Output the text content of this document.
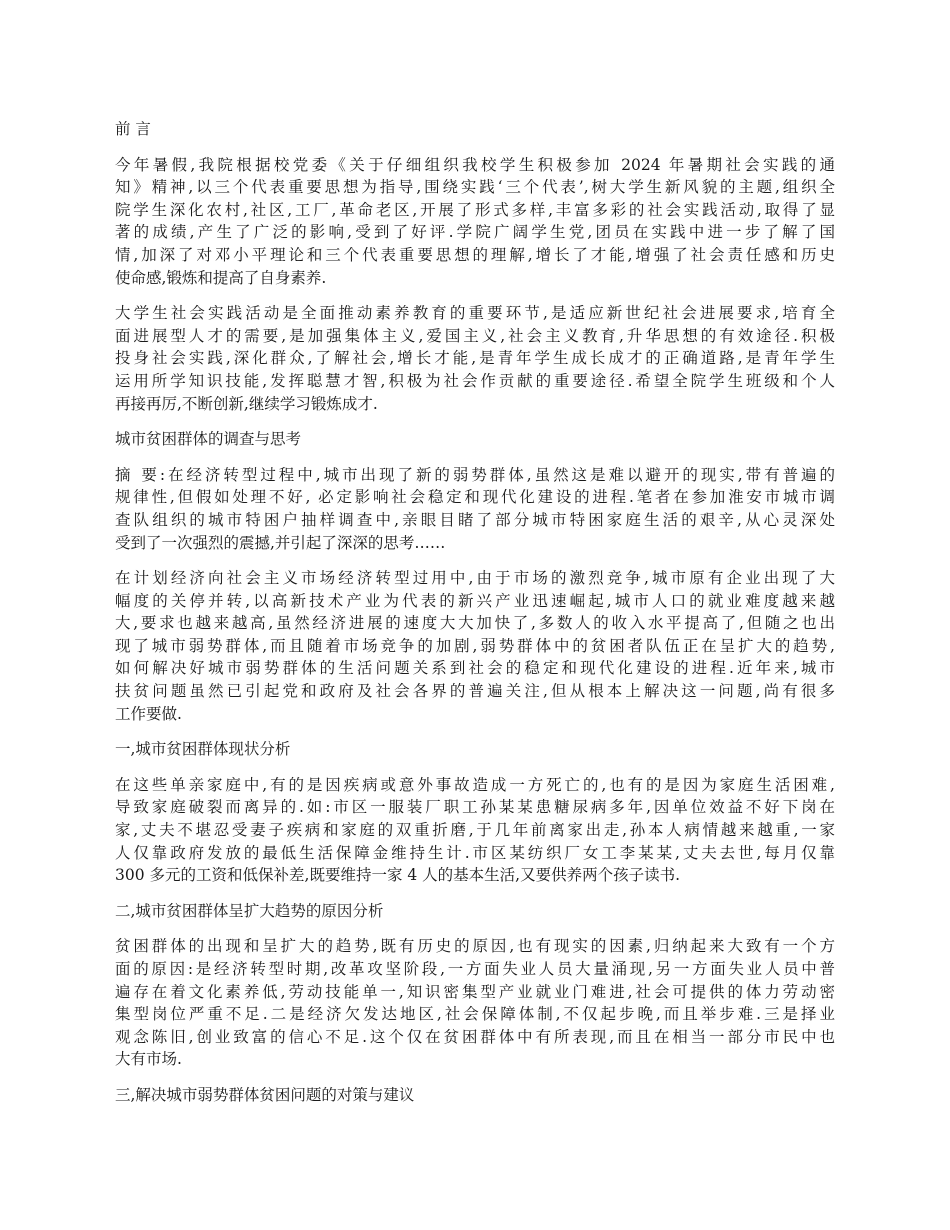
前 言
今年暑假,我院根据校党委《关于仔细组织我校学生积极参加 2024 年暑期社会实践的通
知》精神,以三个代表重要思想为指导,围绕实践‘三个代表’,树大学生新风貌的主题,组织全
院学生深化农村,社区,工厂,革命老区,开展了形式多样,丰富多彩的社会实践活动,取得了显
著的成绩,产生了广泛的影响,受到了好评.学院广阔学生党,团员在实践中进一步了解了国
情,加深了对邓小平理论和三个代表重要思想的理解,增长了才能,增强了社会责任感和历史
使命感,锻炼和提高了自身素养.
大学生社会实践活动是全面推动素养教育的重要环节,是适应新世纪社会进展要求,培育全
面进展型人才的需要,是加强集体主义,爱国主义,社会主义教育,升华思想的有效途径.积极
投身社会实践,深化群众,了解社会,增长才能,是青年学生成长成才的正确道路,是青年学生
运用所学知识技能,发挥聪慧才智,积极为社会作贡献的重要途径.希望全院学生班级和个人
再接再厉,不断创新,继续学习锻炼成才.
城市贫困群体的调查与思考
摘 要:在经济转型过程中,城市出现了新的弱势群体,虽然这是难以避开的现实,带有普遍的
规律性,但假如处理不好, 必定影响社会稳定和现代化建设的进程.笔者在参加淮安市城市调
查队组织的城市特困户抽样调查中,亲眼目睹了部分城市特困家庭生活的艰辛,从心灵深处
受到了一次强烈的震撼,并引起了深深的思考……
在计划经济向社会主义市场经济转型过用中,由于市场的激烈竞争,城市原有企业出现了大
幅度的关停并转,以高新技术产业为代表的新兴产业迅速崛起,城市人口的就业难度越来越
大,要求也越来越高,虽然经济进展的速度大大加快了,多数人的收入水平提高了,但随之也出
现了城市弱势群体,而且随着市场竞争的加剧,弱势群体中的贫困者队伍正在呈扩大的趋势,
如何解决好城市弱势群体的生活问题关系到社会的稳定和现代化建设的进程.近年来,城市
扶贫问题虽然已引起党和政府及社会各界的普遍关注,但从根本上解决这一问题,尚有很多
工作要做.
一,城市贫困群体现状分析
在这些单亲家庭中,有的是因疾病或意外事故造成一方死亡的,也有的是因为家庭生活困难,
导致家庭破裂而离异的.如:市区一服装厂职工孙某某患糖尿病多年,因单位效益不好下岗在
家,丈夫不堪忍受妻子疾病和家庭的双重折磨,于几年前离家出走,孙本人病情越来越重,一家
人仅靠政府发放的最低生活保障金维持生计.市区某纺织厂女工李某某,丈夫去世,每月仅靠
300 多元的工资和低保补差,既要维持一家 4 人的基本生活,又要供养两个孩子读书.
二,城市贫困群体呈扩大趋势的原因分析
贫困群体的出现和呈扩大的趋势,既有历史的原因,也有现实的因素,归纳起来大致有一个方
面的原因:是经济转型时期,改革攻坚阶段,一方面失业人员大量涌现,另一方面失业人员中普
遍存在着文化素养低,劳动技能单一,知识密集型产业就业门难进,社会可提供的体力劳动密
集型岗位严重不足.二是经济欠发达地区,社会保障体制,不仅起步晚,而且举步难.三是择业
观念陈旧,创业致富的信心不足.这个仅在贫困群体中有所表现,而且在相当一部分市民中也
大有市场.
三,解决城市弱势群体贫困问题的对策与建议
